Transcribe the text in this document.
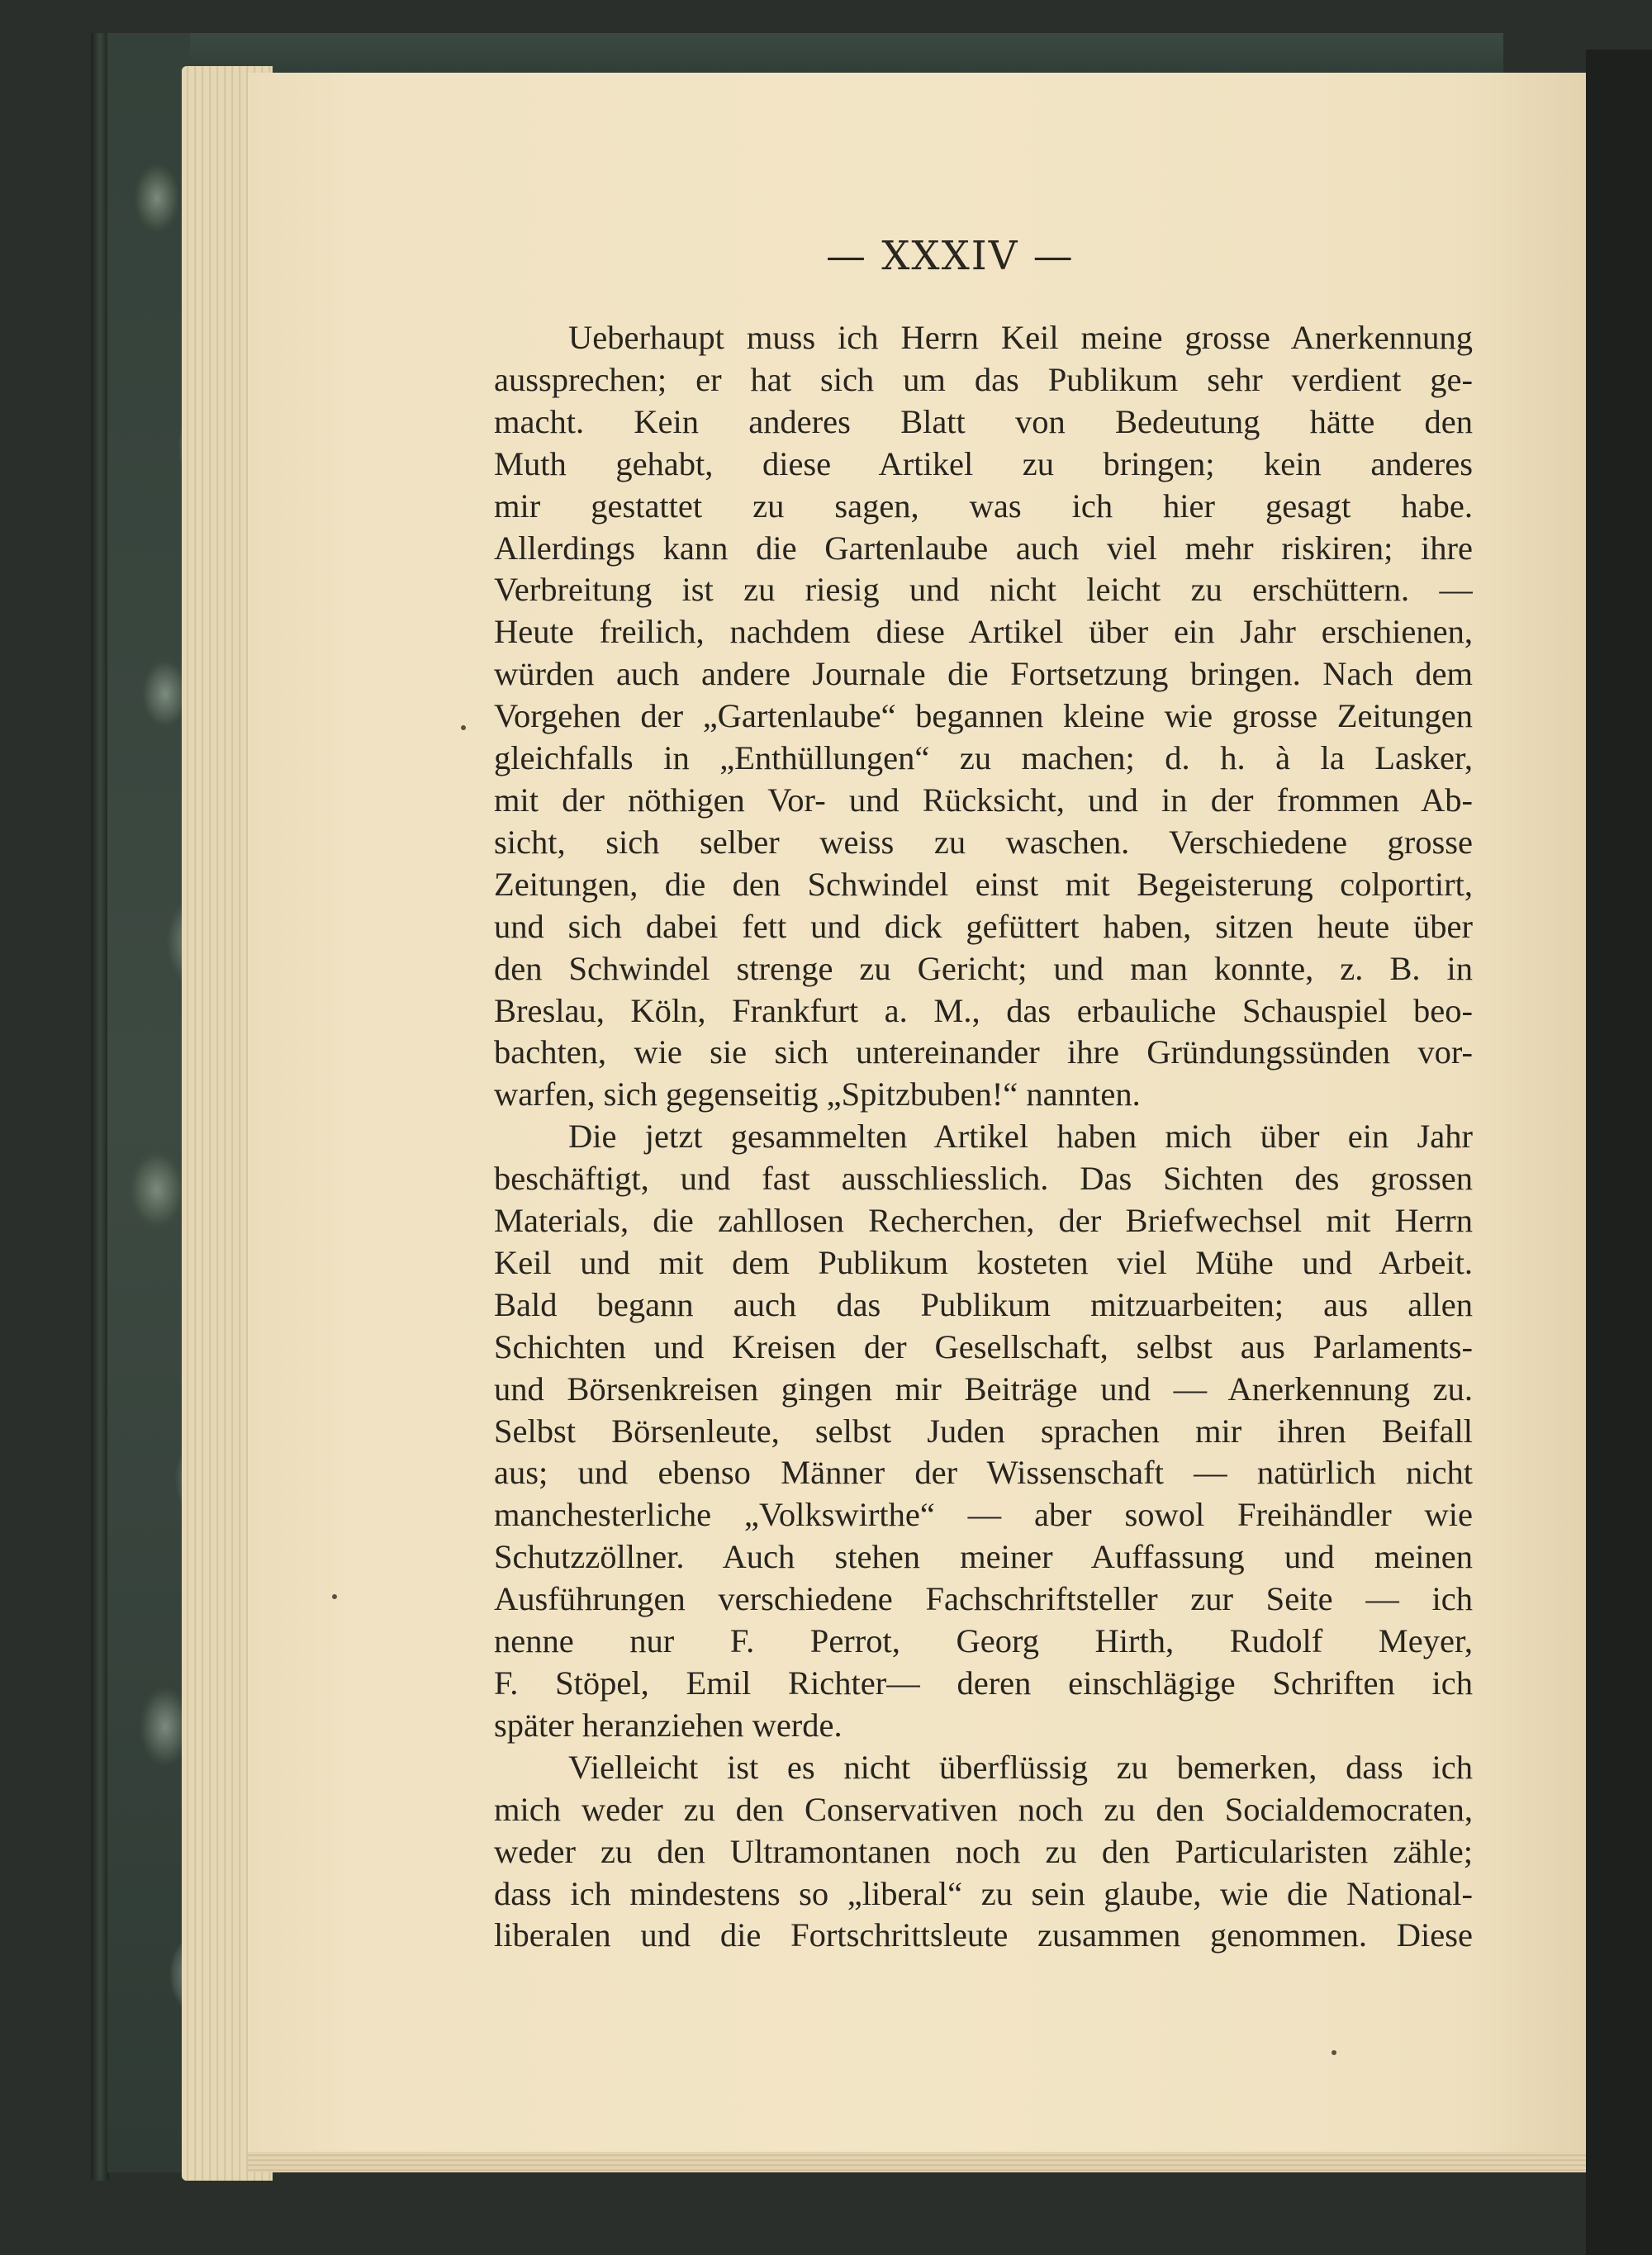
— XXXIV —
Ueberhaupt muss ich Herrn Keil meine grosse Anerkennung
aussprechen; er hat sich um das Publikum sehr verdient ge-
macht. Kein anderes Blatt von Bedeutung hätte den
Muth gehabt, diese Artikel zu bringen; kein anderes
mir gestattet zu sagen, was ich hier gesagt habe.
Allerdings kann die Gartenlaube auch viel mehr riskiren; ihre
Verbreitung ist zu riesig und nicht leicht zu erschüttern. —
Heute freilich, nachdem diese Artikel über ein Jahr erschienen,
würden auch andere Journale die Fortsetzung bringen. Nach dem
Vorgehen der „Gartenlaube“ begannen kleine wie grosse Zeitungen
gleichfalls in „Enthüllungen“ zu machen; d. h. à la Lasker,
mit der nöthigen Vor- und Rücksicht, und in der frommen Ab-
sicht, sich selber weiss zu waschen. Verschiedene grosse
Zeitungen, die den Schwindel einst mit Begeisterung colportirt,
und sich dabei fett und dick gefüttert haben, sitzen heute über
den Schwindel strenge zu Gericht; und man konnte, z. B. in
Breslau, Köln, Frankfurt a. M., das erbauliche Schauspiel beo-
bachten, wie sie sich untereinander ihre Gründungssünden vor-
warfen, sich gegenseitig „Spitzbuben!“ nannten.
Die jetzt gesammelten Artikel haben mich über ein Jahr
beschäftigt, und fast ausschliesslich. Das Sichten des grossen
Materials, die zahllosen Recherchen, der Briefwechsel mit Herrn
Keil und mit dem Publikum kosteten viel Mühe und Arbeit.
Bald begann auch das Publikum mitzuarbeiten; aus allen
Schichten und Kreisen der Gesellschaft, selbst aus Parlaments-
und Börsenkreisen gingen mir Beiträge und — Anerkennung zu.
Selbst Börsenleute, selbst Juden sprachen mir ihren Beifall
aus; und ebenso Männer der Wissenschaft — natürlich nicht
manchesterliche „Volkswirthe“ — aber sowol Freihändler wie
Schutzzöllner. Auch stehen meiner Auffassung und meinen
Ausführungen verschiedene Fachschriftsteller zur Seite — ich
nenne nur F. Perrot, Georg Hirth, Rudolf Meyer,
F. Stöpel, Emil Richter— deren einschlägige Schriften ich
später heranziehen werde.
Vielleicht ist es nicht überflüssig zu bemerken, dass ich
mich weder zu den Conservativen noch zu den Socialdemocraten,
weder zu den Ultramontanen noch zu den Particularisten zähle;
dass ich mindestens so „liberal“ zu sein glaube, wie die National-
liberalen und die Fortschrittsleute zusammen genommen. Diese
